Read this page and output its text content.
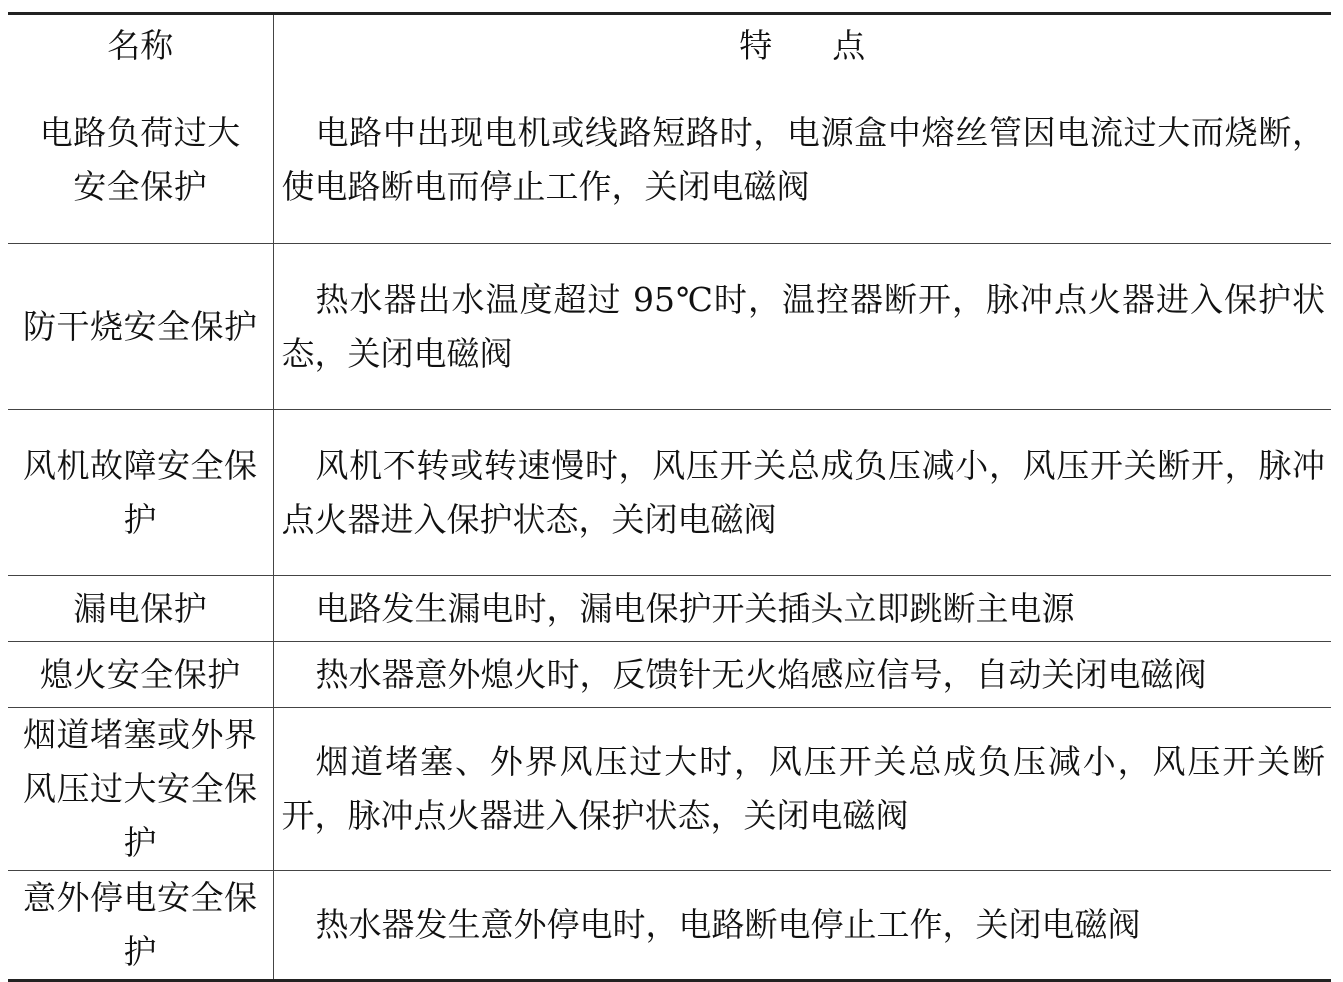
名称	特点

电路负荷过大安全保护	电路中出现电机或线路短路时，电源盒中熔丝管因电流过大而烧断，使电路断电而停止工作，关闭电磁阀

防干烧安全保护	热水器出水温度超过 95℃时，温控器断开，脉冲点火器进入保护状态，关闭电磁阀

风机故障安全保护	风机不转或转速慢时，风压开关总成负压减小，风压开关断开，脉冲点火器进入保护状态，关闭电磁阀

漏电保护	电路发生漏电时，漏电保护开关插头立即跳断主电源

熄火安全保护	热水器意外熄火时，反馈针无火焰感应信号，自动关闭电磁阀

烟道堵塞或外界风压过大安全保护	烟道堵塞、外界风压过大时，风压开关总成负压减小，风压开关断开，脉冲点火器进入保护状态，关闭电磁阀

意外停电安全保护	热水器发生意外停电时，电路断电停止工作，关闭电磁阀
